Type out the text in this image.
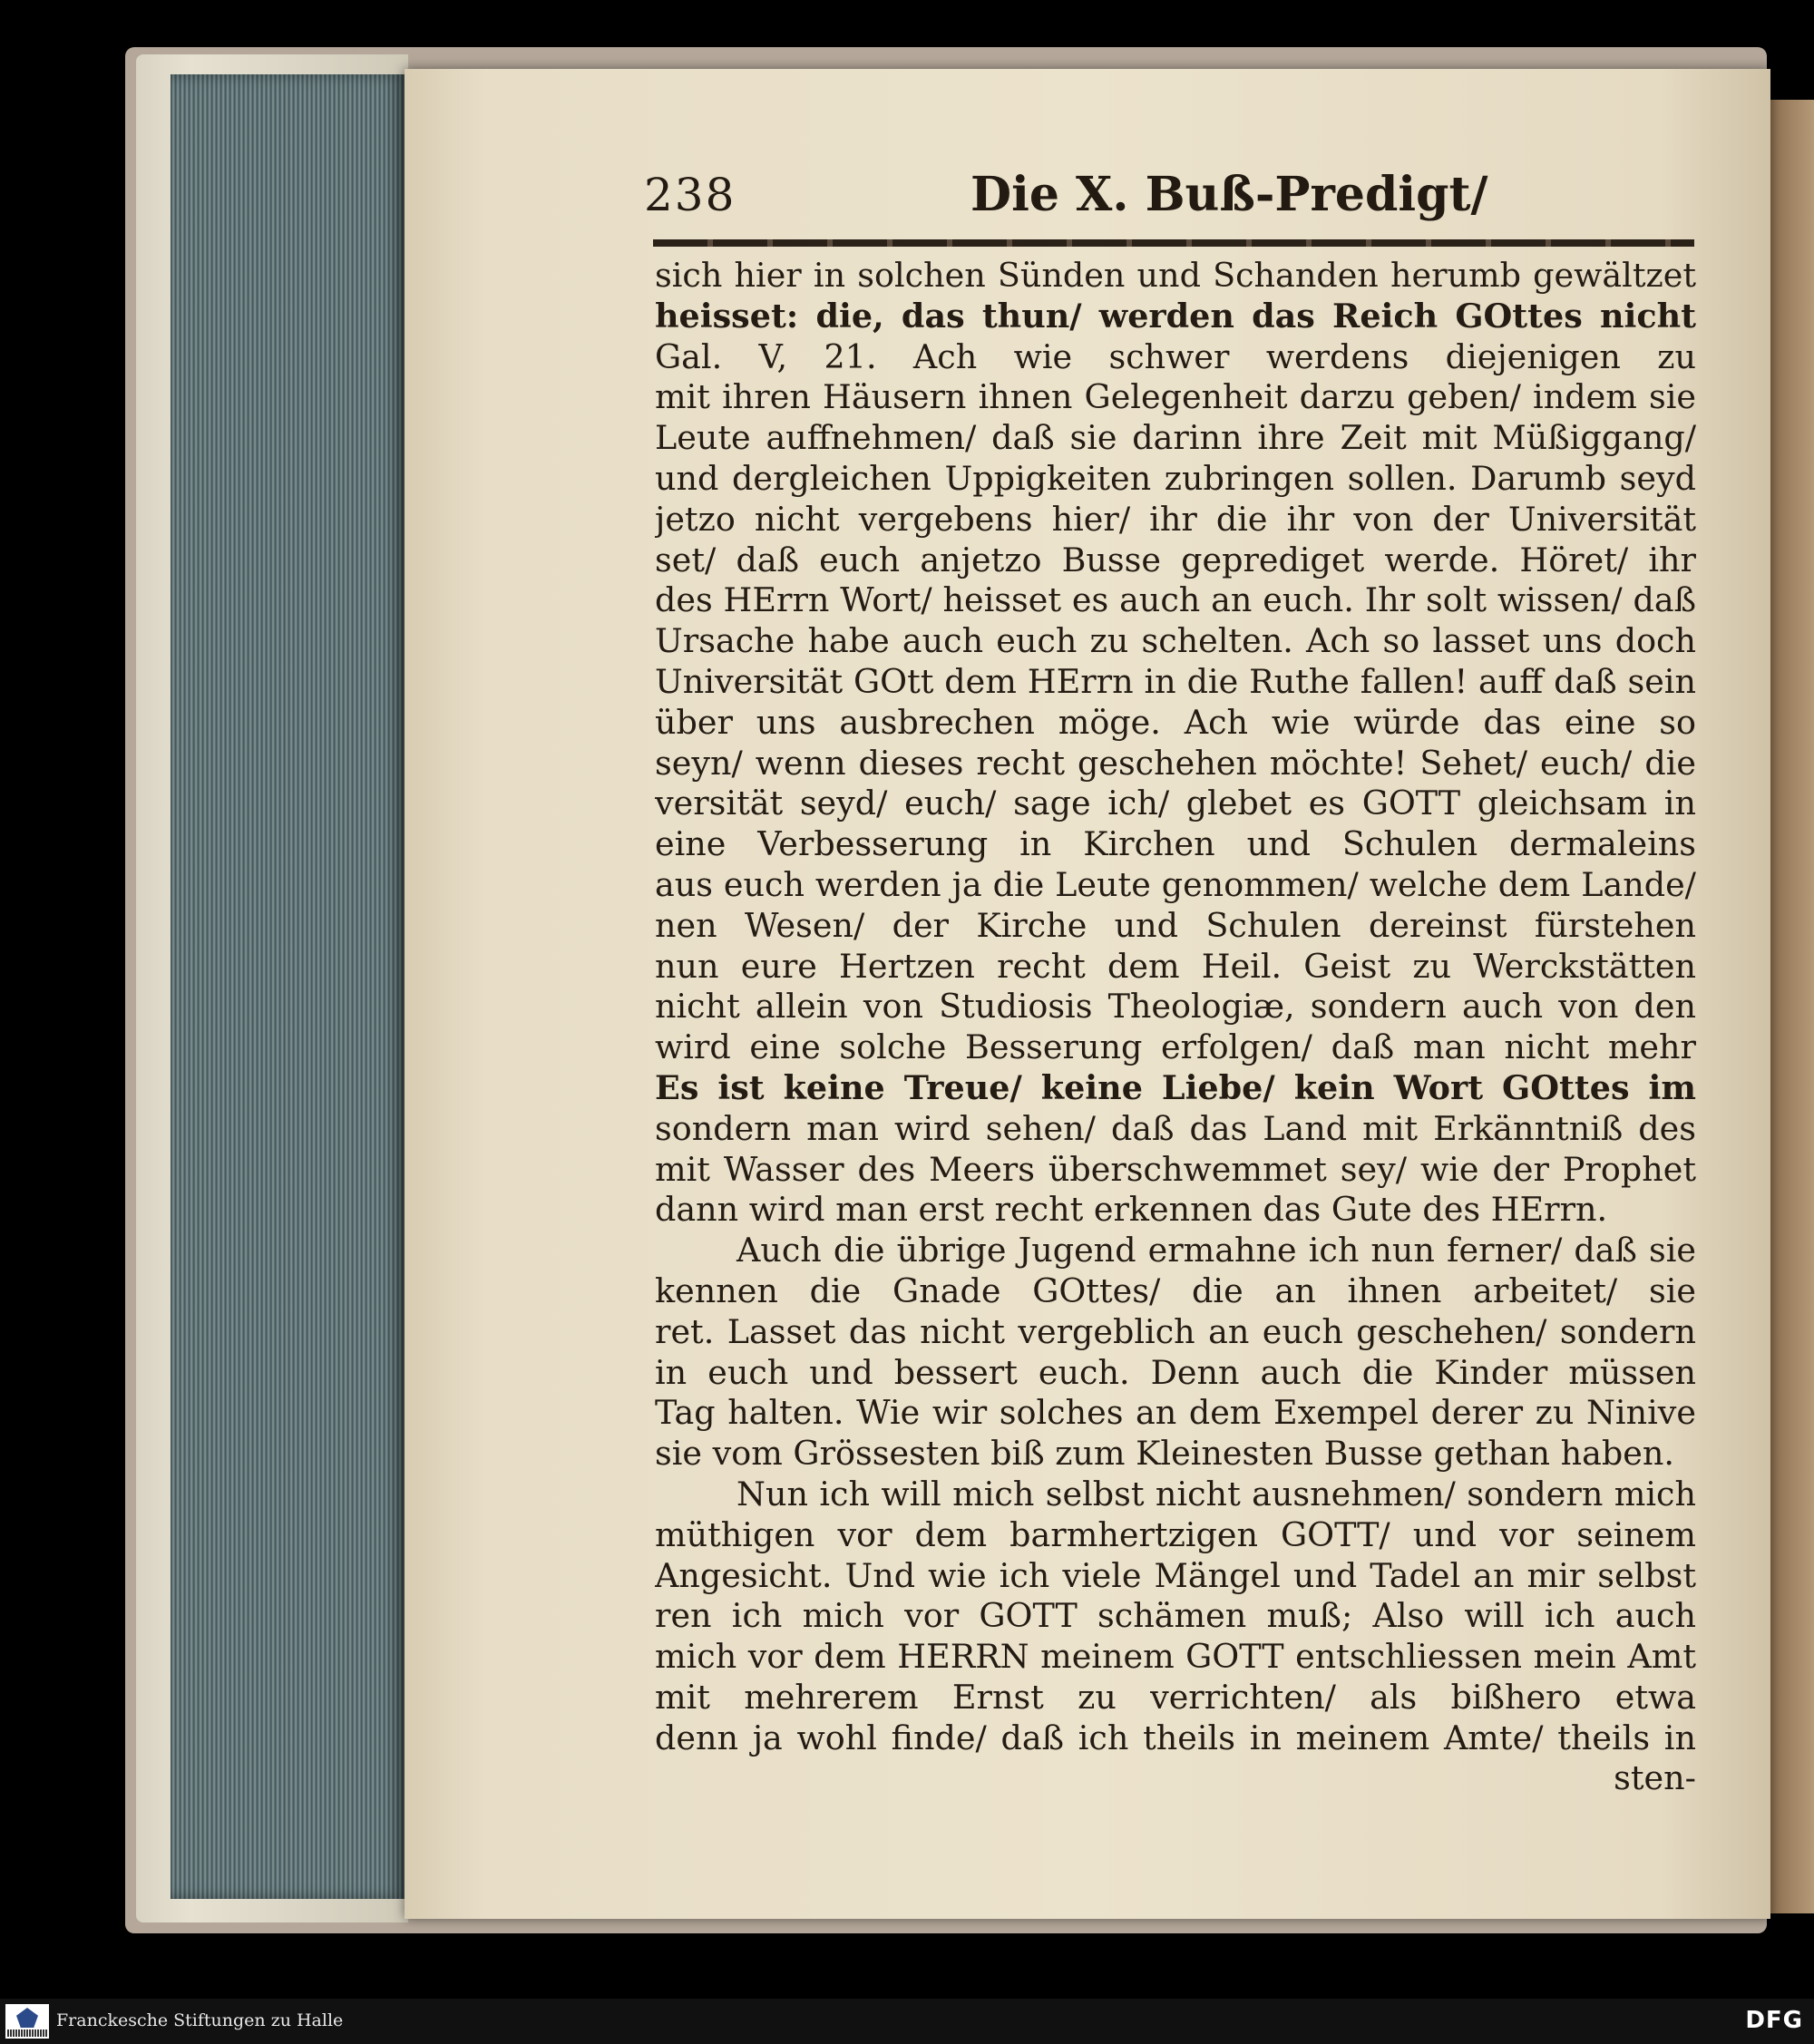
238	Die X. Buß-Predigt/
sich hier in solchen Sünden und Schanden herumb gewältzet
heisset: die, das thun/ werden das Reich GOttes nicht
Gal. V, 21. Ach wie schwer werdens diejenigen zu
mit ihren Häusern ihnen Gelegenheit darzu geben/ indem sie
Leute auffnehmen/ daß sie darinn ihre Zeit mit Müßiggang/
und dergleichen Uppigkeiten zubringen sollen. Darumb seyd
jetzo nicht vergebens hier/ ihr die ihr von der Universität
set/ daß euch anjetzo Busse geprediget werde. Höret/ ihr
des HErrn Wort/ heisset es auch an euch. Ihr solt wissen/ daß
Ursache habe auch euch zu schelten. Ach so lasset uns doch
Universität GOtt dem HErrn in die Ruthe fallen! auff daß sein
über uns ausbrechen möge. Ach wie würde das eine so
seyn/ wenn dieses recht geschehen möchte! Sehet/ euch/ die
versität seyd/ euch/ sage ich/ glebet es GOTT gleichsam in
eine Verbesserung in Kirchen und Schulen dermaleins
aus euch werden ja die Leute genommen/ welche dem Lande/
nen Wesen/ der Kirche und Schulen dereinst fürstehen
nun eure Hertzen recht dem Heil. Geist zu Werckstätten
nicht allein von Studiosis Theologiæ, sondern auch von den
wird eine solche Besserung erfolgen/ daß man nicht mehr
Es ist keine Treue/ keine Liebe/ kein Wort GOttes im
sondern man wird sehen/ daß das Land mit Erkänntniß des
mit Wasser des Meers überschwemmet sey/ wie der Prophet
dann wird man erst recht erkennen das Gute des HErrn.
Auch die übrige Jugend ermahne ich nun ferner/ daß sie
kennen die Gnade GOttes/ die an ihnen arbeitet/ sie
ret. Lasset das nicht vergeblich an euch geschehen/ sondern
in euch und bessert euch. Denn auch die Kinder müssen
Tag halten. Wie wir solches an dem Exempel derer zu Ninive
sie vom Grössesten biß zum Kleinesten Busse gethan haben.
Nun ich will mich selbst nicht ausnehmen/ sondern mich
müthigen vor dem barmhertzigen GOTT/ und vor seinem
Angesicht. Und wie ich viele Mängel und Tadel an mir selbst
ren ich mich vor GOTT schämen muß; Also will ich auch
mich vor dem HERRN meinem GOTT entschliessen mein Amt
mit mehrerem Ernst zu verrichten/ als bißhero etwa
denn ja wohl finde/ daß ich theils in meinem Amte/ theils in
sten-
Franckesche Stiftungen zu Halle	DFG
